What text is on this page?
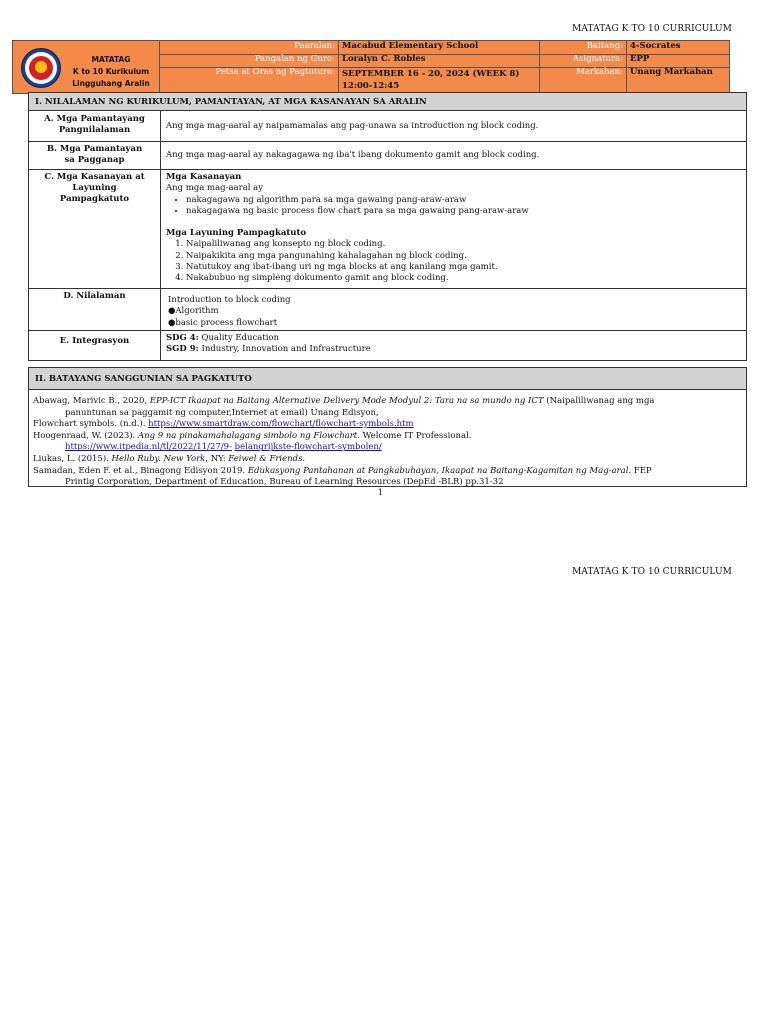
MATATAG K TO 10 CURRICULUM
MATATAG
K to 10 Kurikulum
Lingguhang Aralin
Paaralan: Macabud Elementary School	Baitang: 4-Socrates
Pangalan ng Guro: Loralyn C. Robles	Asignatura: EPP
Petsa at Oras ng Pagtuturo: SEPTEMBER 16 - 20, 2024 (WEEK 8)
12:00-12:45
Markahan: Unang Markahan
I. NILALAMAN NG KURIKULUM, PAMANTAYAN, AT MGA KASANAYAN SA ARALIN
A. Mga Pamantayang
Pangnilalaman	Ang mga mag-aaral ay naipamamalas ang pag-unawa sa introduction ng block coding.
B. Mga Pamantayan
sa Pagganap	Ang mga mag-aaral ay nakagagawa ng iba't ibang dokumento gamit ang block coding.
C. Mga Kasanayan at
Layuning
Pampagkatuto
Mga Kasanayan
Ang mga mag-aaral ay
• nakagagawa ng algorithm para sa mga gawaing pang-araw-araw
• nakagagawa ng basic process flow chart para sa mga gawaing pang-araw-araw
Mga Layuning Pampagkatuto
1. Naipaliliwanag ang konsepto ng block coding.
2. Naipakikita ang mga pangunahing kahalagahan ng block coding.
3. Natutukoy ang ibat-ibang uri ng mga blocks at ang kanilang mga gamit.
4. Nakabubuo ng simpleng dokumento gamit ang block coding.
D. Nilalaman	Introduction to block coding
●Algorithm
●basic process flowchart
E. Integrasyon	SDG 4: Quality Education
SGD 9: Industry, Innovation and Infrastructure
II. BATAYANG SANGGUNIAN SA PAGKATUTO
Abawag, Marivic B., 2020, EPP-ICT Ikaapat na Baitang Alternative Delivery Mode Modyul 2: Tara na sa mundo ng ICT (Naipaliliwanag ang mga
panuntunan sa paggamit ng computer,Internet at email) Unang Edisyon,
Flowchart symbols. (n.d.). https://www.smartdraw.com/flowchart/flowchart-symbols.htm
Hoogenraad, W. (2023). Ang 9 na pinakamahalagang simbolo ng Flowchart. Welcome IT Professional.
https://www.itpedia.nl/tl/2022/11/27/9- belangrijkste-flowchart-symbolen/
Liukas, L. (2015). Hello Ruby. New York, NY: Feiwel & Friends.
Samadan, Eden F. et al., Binagong Edisyon 2019. Edukasyong Pantahanan at Pangkabuhayan, Ikaapat na Baitang-Kagamitan ng Mag-aral. FEP
Printig Corporation, Department of Education, Bureau of Learning Resources (DepEd -BLR) pp.31-32
1
MATATAG K TO 10 CURRICULUM
